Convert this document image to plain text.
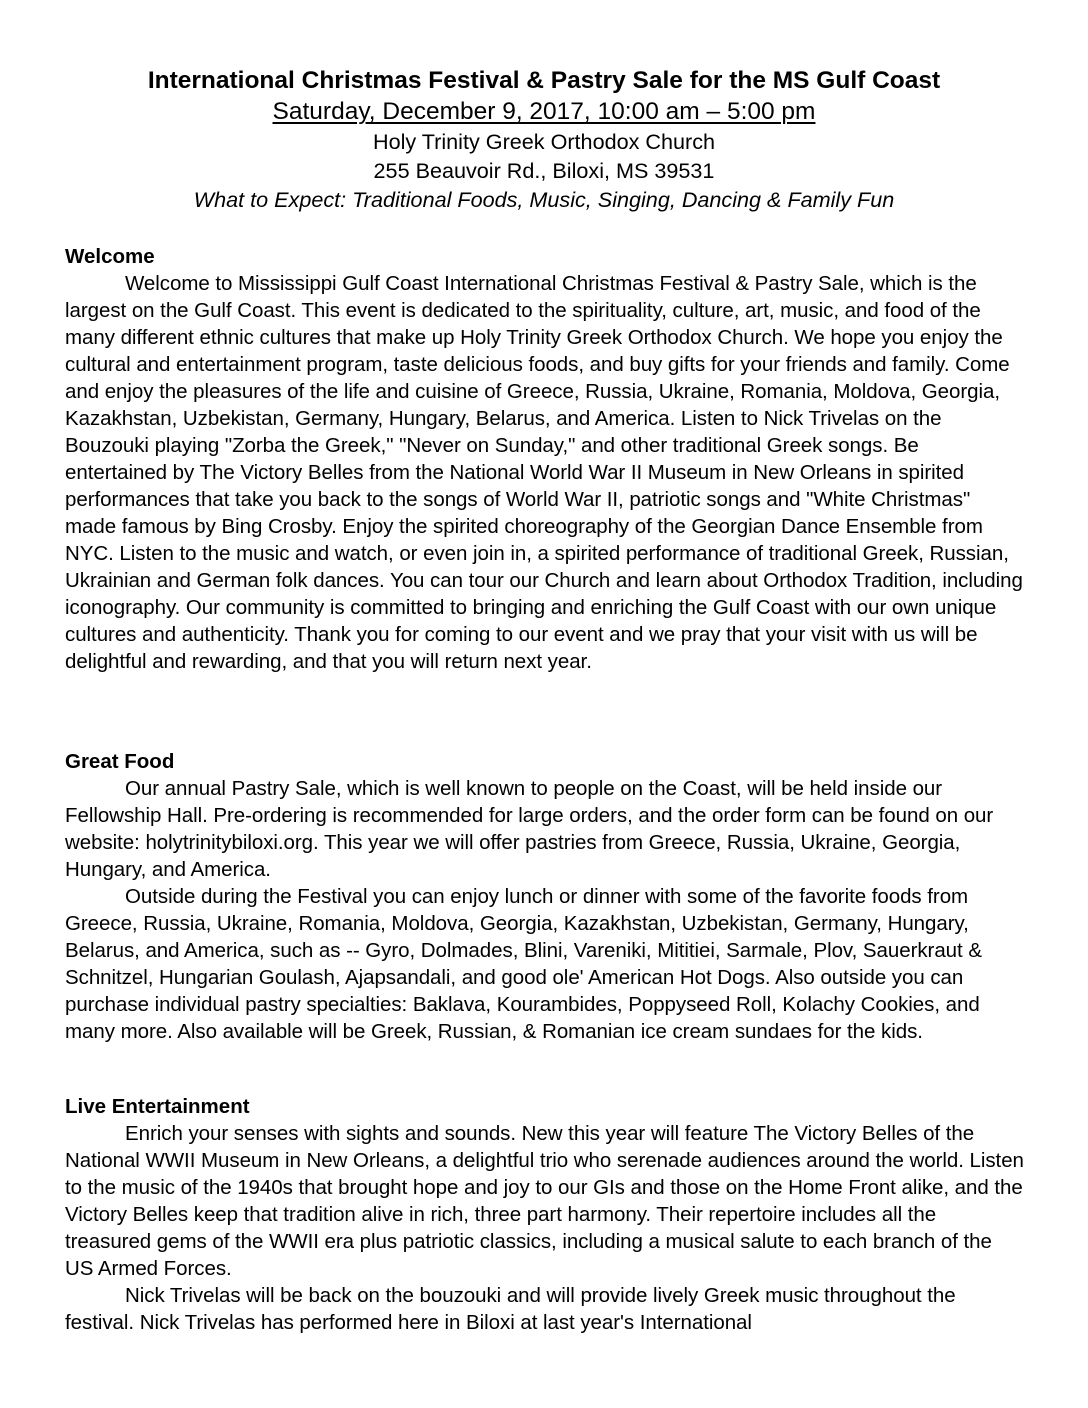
International Christmas Festival & Pastry Sale for the MS Gulf Coast
Saturday, December 9, 2017, 10:00 am – 5:00 pm
Holy Trinity Greek Orthodox Church
255 Beauvoir Rd., Biloxi, MS 39531
What to Expect: Traditional Foods, Music, Singing, Dancing & Family Fun
Welcome

Welcome to Mississippi Gulf Coast International Christmas Festival & Pastry Sale, which is the largest on the Gulf Coast. This event is dedicated to the spirituality, culture, art, music, and food of the many different ethnic cultures that make up Holy Trinity Greek Orthodox Church. We hope you enjoy the cultural and entertainment program, taste delicious foods, and buy gifts for your friends and family. Come and enjoy the pleasures of the life and cuisine of Greece, Russia, Ukraine, Romania, Moldova, Georgia, Kazakhstan, Uzbekistan, Germany, Hungary, Belarus, and America. Listen to Nick Trivelas on the Bouzouki playing "Zorba the Greek," "Never on Sunday," and other traditional Greek songs. Be entertained by The Victory Belles from the National World War II Museum in New Orleans in spirited performances that take you back to the songs of World War II, patriotic songs and "White Christmas" made famous by Bing Crosby. Enjoy the spirited choreography of the Georgian Dance Ensemble from NYC. Listen to the music and watch, or even join in, a spirited performance of traditional Greek, Russian, Ukrainian and German folk dances. You can tour our Church and learn about Orthodox Tradition, including iconography. Our community is committed to bringing and enriching the Gulf Coast with our own unique cultures and authenticity. Thank you for coming to our event and we pray that your visit with us will be delightful and rewarding, and that you will return next year.

Great Food

Our annual Pastry Sale, which is well known to people on the Coast, will be held inside our Fellowship Hall. Pre-ordering is recommended for large orders, and the order form can be found on our website: holytrinitybiloxi.org. This year we will offer pastries from Greece, Russia, Ukraine, Georgia, Hungary, and America.

Outside during the Festival you can enjoy lunch or dinner with some of the favorite foods from Greece, Russia, Ukraine, Romania, Moldova, Georgia, Kazakhstan, Uzbekistan, Germany, Hungary, Belarus, and America, such as -- Gyro, Dolmades, Blini, Vareniki, Mititiei, Sarmale, Plov, Sauerkraut & Schnitzel, Hungarian Goulash, Ajapsandali, and good ole' American Hot Dogs. Also outside you can purchase individual pastry specialties: Baklava, Kourambides, Poppyseed Roll, Kolachy Cookies, and many more. Also available will be Greek, Russian, & Romanian ice cream sundaes for the kids.

Live Entertainment

Enrich your senses with sights and sounds. New this year will feature The Victory Belles of the National WWII Museum in New Orleans, a delightful trio who serenade audiences around the world. Listen to the music of the 1940s that brought hope and joy to our GIs and those on the Home Front alike, and the Victory Belles keep that tradition alive in rich, three part harmony. Their repertoire includes all the treasured gems of the WWII era plus patriotic classics, including a musical salute to each branch of the US Armed Forces.

Nick Trivelas will be back on the bouzouki and will provide lively Greek music throughout the festival. Nick Trivelas has performed here in Biloxi at last year's International
